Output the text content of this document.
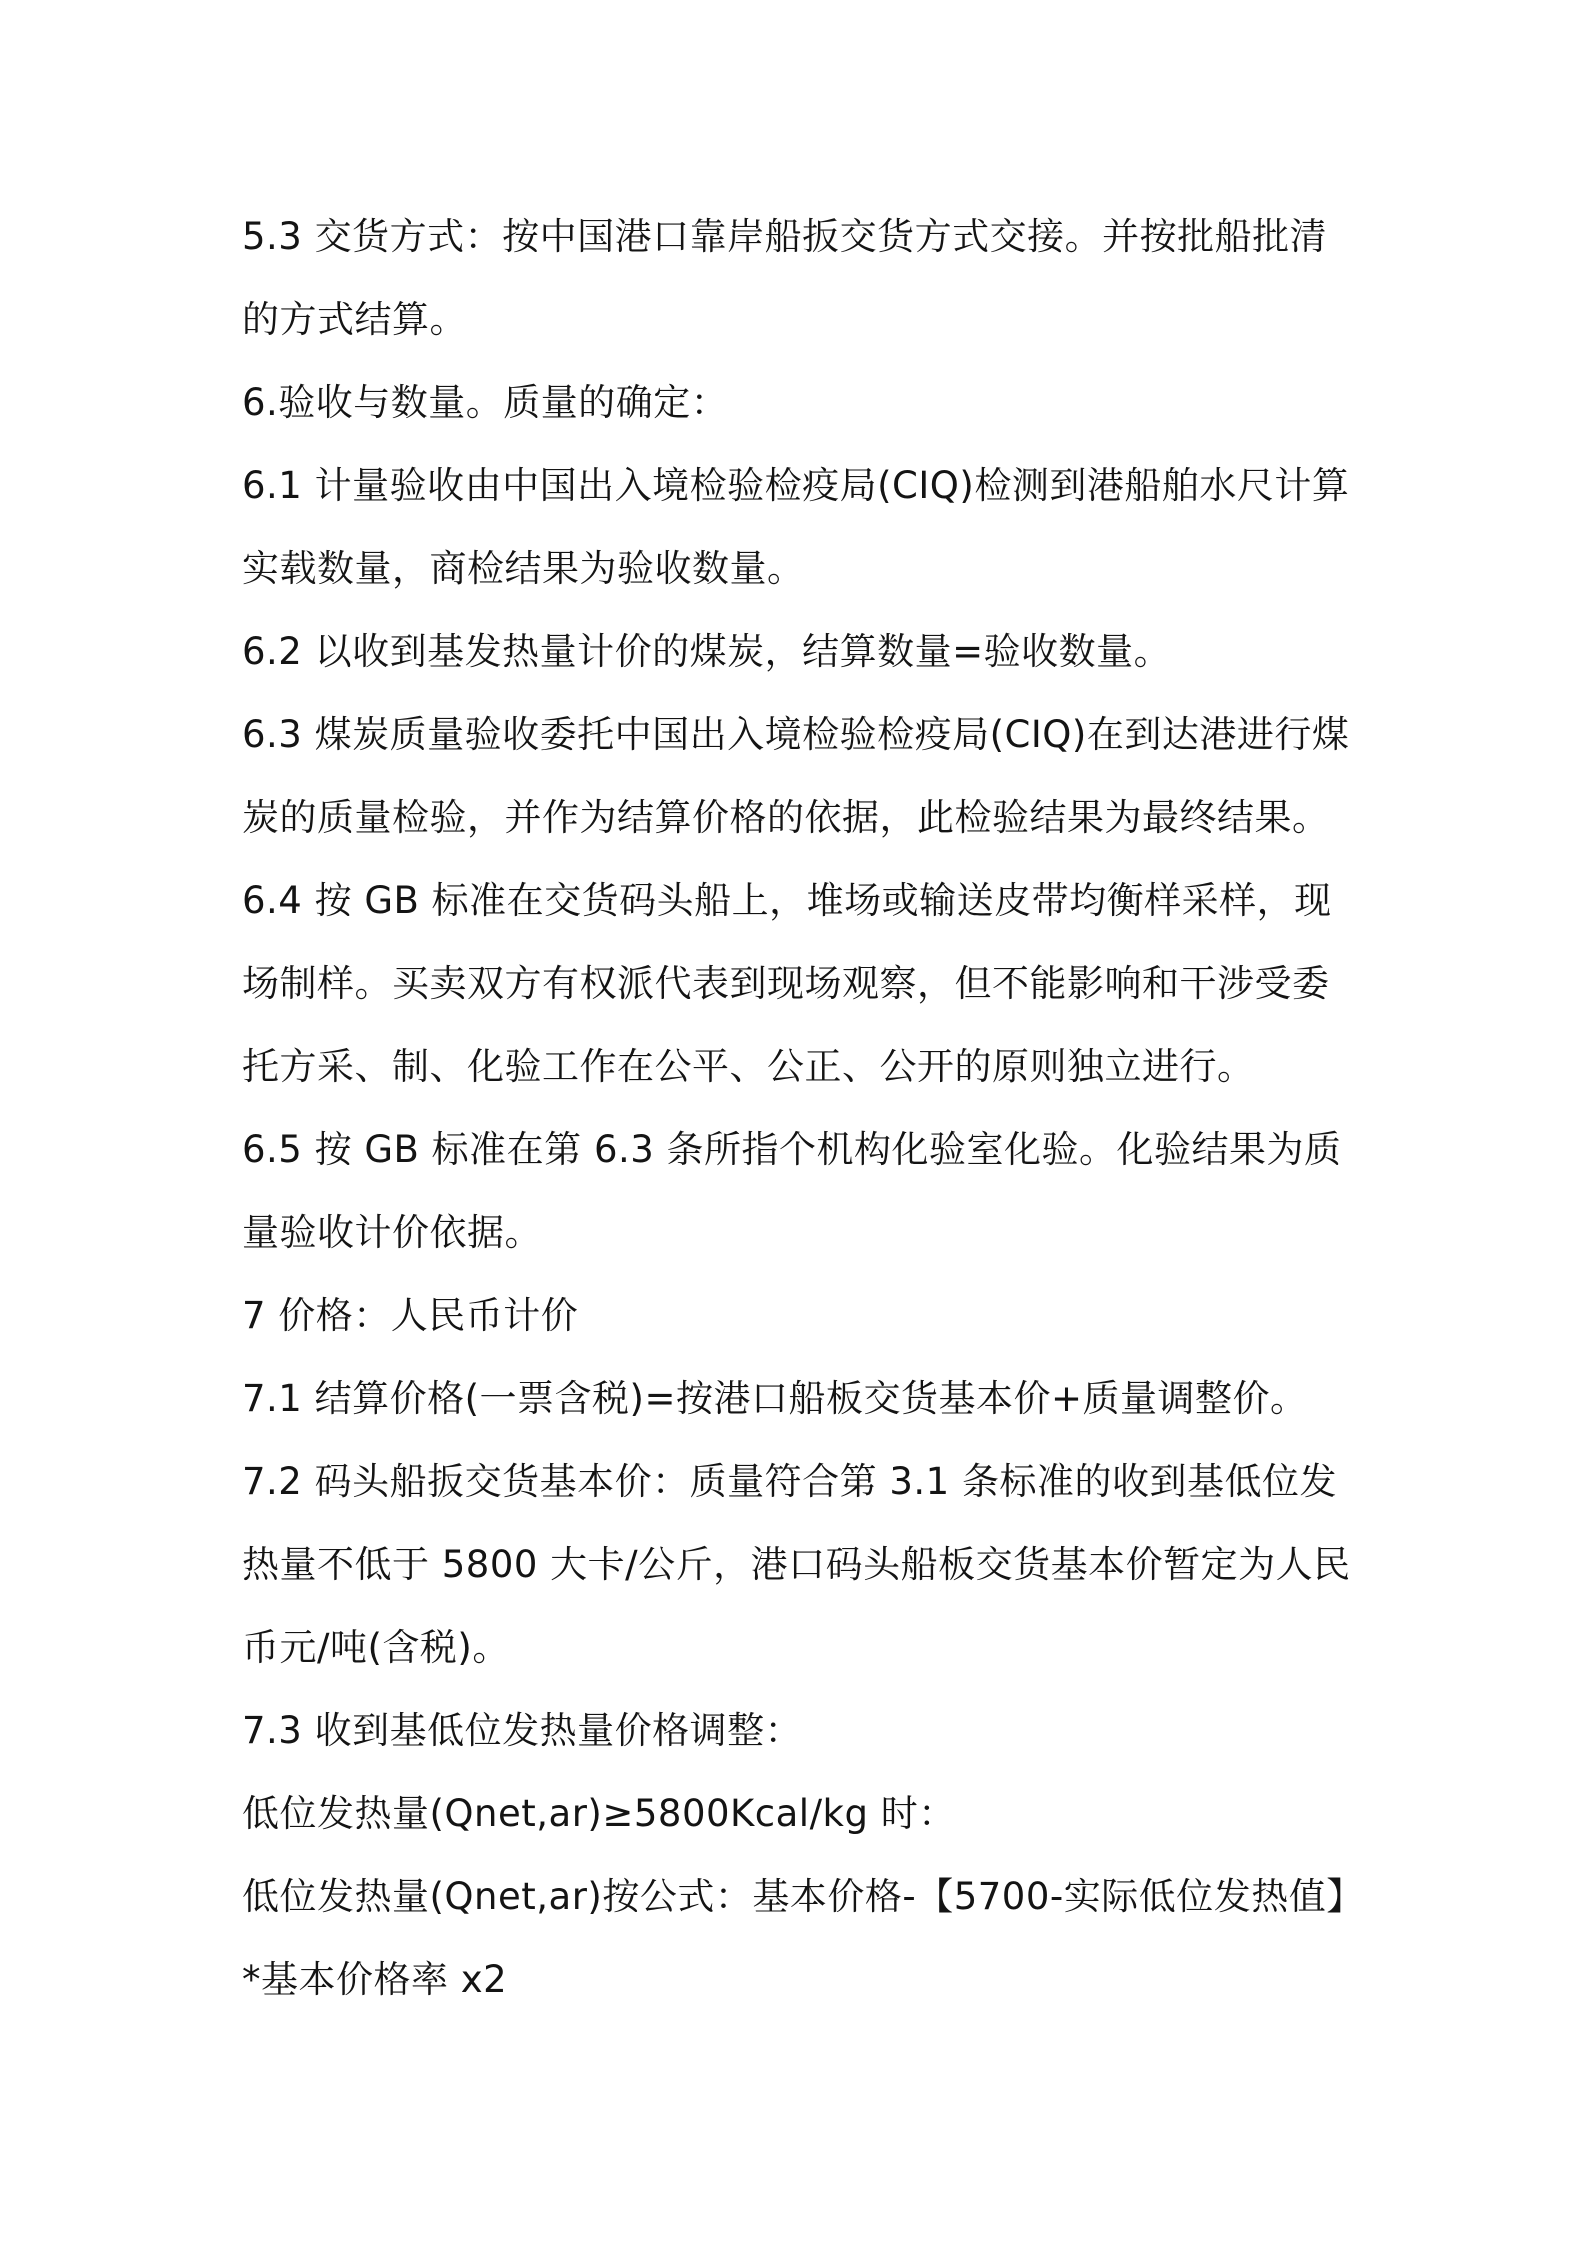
5.3 交货方式：按中国港口靠岸船扳交货方式交接。并按批船批清的方式结算。

6.验收与数量。质量的确定：

6.1 计量验收由中国出入境检验检疫局(CIQ)检测到港船舶水尺计算实载数量，商检结果为验收数量。

6.2 以收到基发热量计价的煤炭，结算数量=验收数量。

6.3 煤炭质量验收委托中国出入境检验检疫局(CIQ)在到达港进行煤炭的质量检验，并作为结算价格的依据，此检验结果为最终结果。

6.4 按 GB 标准在交货码头船上，堆场或输送皮带均衡样采样，现场制样。买卖双方有权派代表到现场观察，但不能影响和干涉受委托方采、制、化验工作在公平、公正、公开的原则独立进行。

6.5 按 GB 标准在第 6.3 条所指个机构化验室化验。化验结果为质量验收计价依据。

7 价格：人民币计价

7.1 结算价格(一票含税)=按港口船板交货基本价+质量调整价。

7.2 码头船扳交货基本价：质量符合第 3.1 条标准的收到基低位发热量不低于 5800 大卡/公斤，港口码头船板交货基本价暂定为人民币元/吨(含税)。

7.3 收到基低位发热量价格调整：

低位发热量(Qnet,ar)≥5800Kcal/kg 时：

低位发热量(Qnet,ar)按公式：基本价格-【5700-实际低位发热值】*基本价格率 x2
